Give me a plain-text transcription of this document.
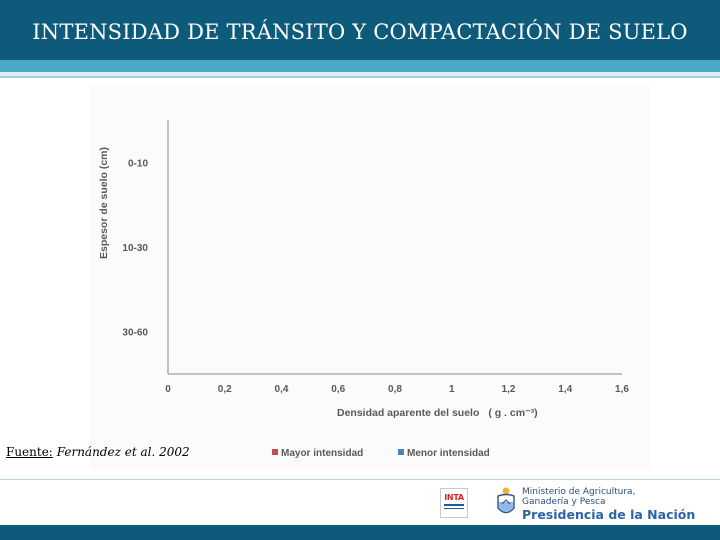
INTENSIDAD DE TRÁNSITO Y COMPACTACIÓN DE SUELO
0-10
10-30
30-60
0	0,2	0,4	0,6	0,8	1	1,2	1,4	1,6
Espesor de suelo (cm)
Densidad aparente del suelo ( g . cm⁻³)
Mayor intensidad	Menor intensidad
Fuente: Fernández et al. 2002
INTA
Ministerio de Agricultura,
Ganadería y Pesca
Presidencia de la Nación
